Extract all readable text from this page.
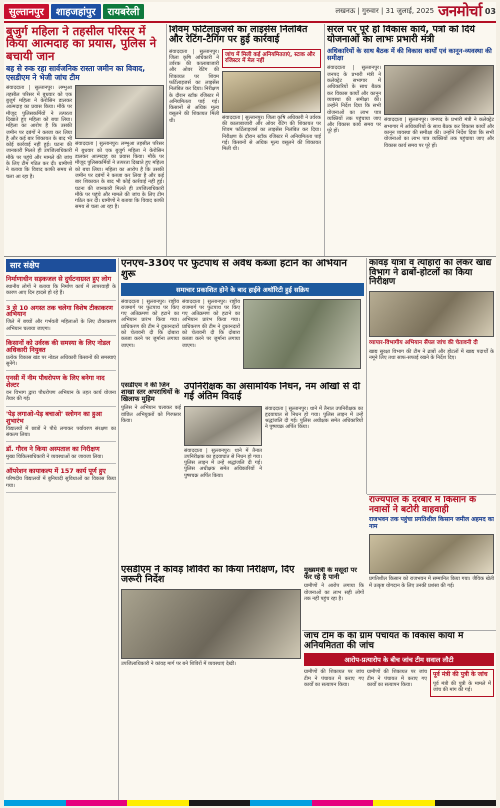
सुल्तानपुर	शाहजहांपुर	रायबरेली	लखनऊ | गुरुवार | 31 जुलाई, 2025 जनमोर्चा 03
बुजुर्ग महिला ने तहसील परिसर में किया आत्मदाह का प्रयास, पुलिस ने बचायी जान
बह से रुक रहा सार्वजनिक रास्ता जमीन का विवाद, एसडीएम ने भेजी जांच टीम
संवाददाता | सुल्तानपुर। लम्भुआ तहसील परिसर में बुधवार को एक बुजुर्ग महिला ने केरोसिन डालकर आत्मदाह का प्रयास किया। मौके पर मौजूद पुलिसकर्मियों ने तत्परता दिखाते हुए महिला को बचा लिया। महिला का आरोप है कि उसकी जमीन पर दबंगों ने कब्जा कर लिया है और कई बार शिकायत के बाद भी कोई कार्रवाई नहीं हुई। घटना की जानकारी मिलते ही उपजिलाधिकारी मौके पर पहुंचे और मामले की जांच के लिए टीम गठित कर दी। ग्रामीणों ने बताया कि विवाद काफी समय से चला आ रहा है।
संवाददाता | सुल्तानपुर। लम्भुआ तहसील परिसर में बुधवार को एक बुजुर्ग महिला ने केरोसिन डालकर आत्मदाह का प्रयास किया। मौके पर मौजूद पुलिसकर्मियों ने तत्परता दिखाते हुए महिला को बचा लिया। महिला का आरोप है कि उसकी जमीन पर दबंगों ने कब्जा कर लिया है और कई बार शिकायत के बाद भी कोई कार्रवाई नहीं हुई। घटना की जानकारी मिलते ही उपजिलाधिकारी मौके पर पहुंचे और मामले की जांच के लिए टीम गठित कर दी। ग्रामीणों ने बताया कि विवाद काफी समय से चला आ रहा है।
शिवम फर्टिलाइजर्स का लाइसेंस निलंबित और रेटिंग-टैगिंग पर हुई कार्रवाई
संवाददाता | सुल्तानपुर। जिला कृषि अधिकारी ने उर्वरक की कालाबाजारी और ओवर रेटिंग की शिकायत पर शिवम फर्टिलाइजर्स का लाइसेंस निलंबित कर दिया। निरीक्षण के दौरान स्टॉक रजिस्टर में अनियमितता पाई गई। किसानों से अधिक मूल्य वसूलने की शिकायत मिली थी।
जांच में मिली कई अनियमितताएं, स्टाक और रजिस्टर में मेल नहीं
संवाददाता | सुल्तानपुर। जिला कृषि अधिकारी ने उर्वरक की कालाबाजारी और ओवर रेटिंग की शिकायत पर शिवम फर्टिलाइजर्स का लाइसेंस निलंबित कर दिया। निरीक्षण के दौरान स्टॉक रजिस्टर में अनियमितता पाई गई। किसानों से अधिक मूल्य वसूलने की शिकायत मिली थी।
सरल पर पूरे हों विकास कार्य, पत्रों को दिये योजनाओं का लाभः प्रभारी मंत्री
अधिकारियों के साथ बैठक में की विकास कार्यों एवं कानून-व्यवस्था की समीक्षा
संवाददाता | सुल्तानपुर। जनपद के प्रभारी मंत्री ने कलेक्ट्रेट सभागार में अधिकारियों के साथ बैठक कर विकास कार्यों और कानून व्यवस्था की समीक्षा की। उन्होंने निर्देश दिया कि सभी योजनाओं का लाभ पात्र व्यक्तियों तक पहुंचाया जाए और विकास कार्य समय पर पूरे हों।
संवाददाता | सुल्तानपुर। जनपद के प्रभारी मंत्री ने कलेक्ट्रेट सभागार में अधिकारियों के साथ बैठक कर विकास कार्यों और कानून व्यवस्था की समीक्षा की। उन्होंने निर्देश दिया कि सभी योजनाओं का लाभ पात्र व्यक्तियों तक पहुंचाया जाए और विकास कार्य समय पर पूरे हों।
सार संक्षेप
निर्माणाधीन सड़कजल से दुर्घटनाग्रस्त हुए लोग
स्थानीय लोगों ने बताया कि निर्माण कार्य में लापरवाही के कारण आए दिन हादसे हो रहे हैं।
3 से 10 अगस्त तक चलेगा विशेष टीकाकरण अभियान
जिले में बच्चों और गर्भवती महिलाओं के लिए टीकाकरण अभियान चलाया जाएगा।
किसानों को उर्वरक की समस्या के लिए नोडल अधिकारी नियुक्त
प्रत्येक विकास खंड पर नोडल अधिकारी किसानों की समस्याएं सुनेंगे।
एनसी में नीम पौधरोपण के लिए बनेगा नाद शेल्टर
वन विभाग द्वारा पौधरोपण अभियान के तहत कार्य योजना तैयार की गई।
'पेड़ लगाओ-पेड़ बचाओ' स्लोगन का हुआ शुभारंभ
विद्यालयों में छात्रों ने पौधे लगाकर पर्यावरण संरक्षण का संकल्प लिया।
डॉ. गौरव ने किया अस्पताल का निरीक्षण
मुख्य चिकित्साधिकारी ने व्यवस्थाओं का जायजा लिया।
ऑपरेशन कायाकल्प में 157 कार्य पूर्ण हुए
परिषदीय विद्यालयों में बुनियादी सुविधाओं का विकास किया गया।
एनएच-330ए पर फुटपाथ से अवैध कब्जा हटाने का अभियान शुरू
समाचार प्रकाशित होने के बाद हाईवे अथॉरिटी हुई सक्रिय
संवाददाता | सुल्तानपुर। राष्ट्रीय राजमार्ग पर फुटपाथ पर किए गए अतिक्रमण को हटाने का अभियान प्रारंभ किया गया। प्राधिकरण की टीम ने दुकानदारों को चेतावनी दी कि दोबारा कब्जा करने पर जुर्माना लगाया जाएगा।
संवाददाता | सुल्तानपुर। राष्ट्रीय राजमार्ग पर फुटपाथ पर किए गए अतिक्रमण को हटाने का अभियान प्रारंभ किया गया। प्राधिकरण की टीम ने दुकानदारों को चेतावनी दी कि दोबारा कब्जा करने पर जुर्माना लगाया जाएगा।
एसडीएम ने की जिन शाखा स्तर अपराधियों के खिलाफ मुहिम
पुलिस ने अभियान चलाकर कई वांछित अभियुक्तों को गिरफ्तार किया।
उपनिरीक्षक का असामयिक निधन, नम आँखों से दी गई अंतिम विदाई
संवाददाता | सुल्तानपुर। थाने में तैनात उपनिरीक्षक का हृदयाघात से निधन हो गया। पुलिस लाइन में उन्हें श्रद्धांजलि दी गई। पुलिस अधीक्षक समेत अधिकारियों ने पुष्पचक्र अर्पित किया।
संवाददाता | सुल्तानपुर। थाने में तैनात उपनिरीक्षक का हृदयाघात से निधन हो गया। पुलिस लाइन में उन्हें श्रद्धांजलि दी गई। पुलिस अधीक्षक समेत अधिकारियों ने पुष्पचक्र अर्पित किया।
कांवड़ यात्रा व त्योहारों को लेकर खाद्य विभाग ने ढाबों-होटलों का किया निरीक्षण
व्यापार-विभागीय अभियान सैंपल जांच की चेतावनी दी
खाद्य सुरक्षा विभाग की टीम ने ढाबों और होटलों में खाद्य पदार्थों के नमूने लिए तथा साफ-सफाई रखने के निर्देश दिए।
मुख्यमंत्री के मसूदों पर फेर रहे है पानी
ग्रामीणों ने आरोप लगाया कि योजनाओं का लाभ सही लोगों तक नहीं पहुंच रहा है।
राज्यपाल के दरबार में किसान के नवासों ने बटोरी वाहवाही
राजभवन तक पहुंचा प्रगतिशील किसान जमील अहमद का नाम
प्रगतिशील किसान को राजभवन में सम्मानित किया गया। जैविक खेती में उत्कृष्ट योगदान के लिए उनकी प्रशंसा की गई।
एसडीएम ने कांवड़ शिविरों का किया निरीक्षण, दिए जरूरी निर्देश
उपजिलाधिकारी ने कांवड़ मार्ग पर बने शिविरों में व्यवस्थाएं देखीं।
जांच टीम के की ग्राम पंचायत के विकास कार्यों में अनियमितता की जांच
आरोप-प्रत्यारोप के बीच जांच टीम सवाल लौटी
ग्रामीणों की शिकायत पर जांच टीम ने पंचायत में कराए गए कार्यों का सत्यापन किया।
ग्रामीणों की शिकायत पर जांच टीम ने पंचायत में कराए गए कार्यों का सत्यापन किया।
पूर्व मंत्री की पुत्री के जांच
पूर्व मंत्री की पुत्री के मामले में जांच की मांग की गई।
